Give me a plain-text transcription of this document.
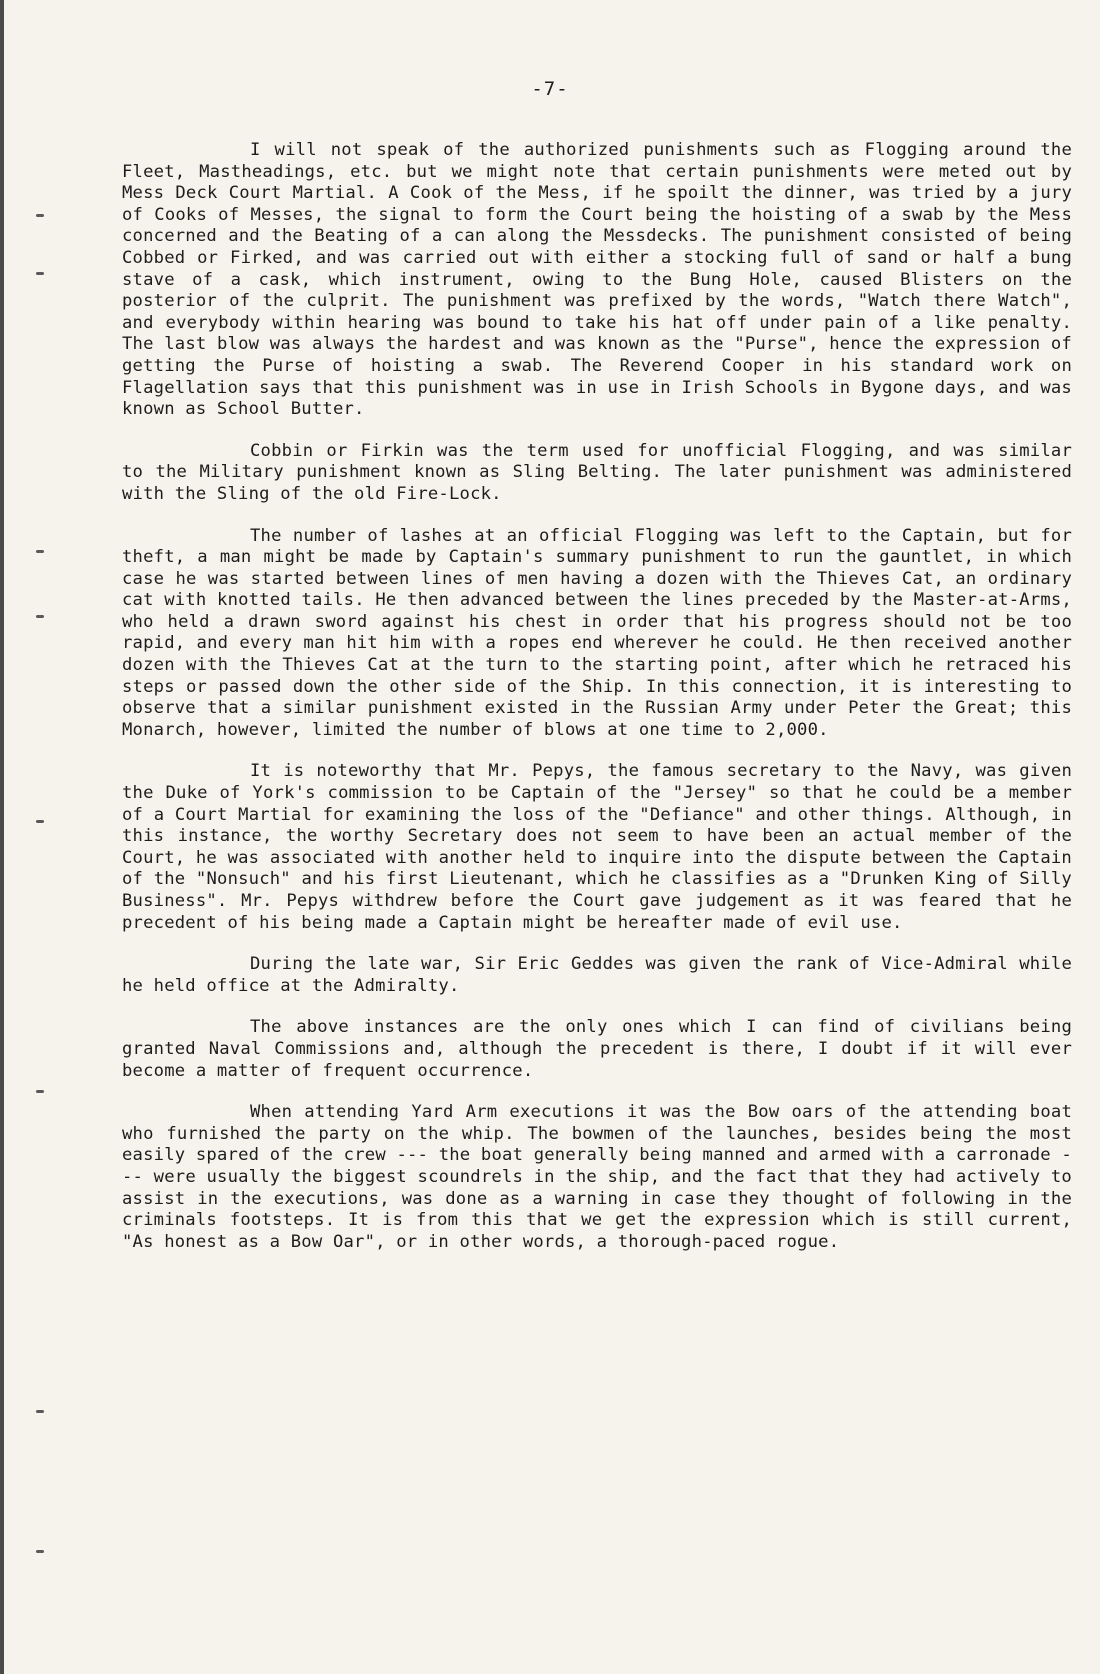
-7-

I will not speak of the authorized punishments such as Flogging around the Fleet, Mastheadings, etc. but we might note that certain punishments were meted out by Mess Deck Court Martial. A Cook of the Mess, if he spoilt the dinner, was tried by a jury of Cooks of Messes, the signal to form the Court being the hoisting of a swab by the Mess concerned and the Beating of a can along the Messdecks. The punishment consisted of being Cobbed or Firked, and was carried out with either a stocking full of sand or half a bung stave of a cask, which instrument, owing to the Bung Hole, caused Blisters on the posterior of the culprit. The punishment was prefixed by the words, "Watch there Watch", and everybody within hearing was bound to take his hat off under pain of a like penalty. The last blow was always the hardest and was known as the "Purse", hence the expression of getting the Purse of hoisting a swab. The Reverend Cooper in his standard work on Flagellation says that this punishment was in use in Irish Schools in Bygone days, and was known as School Butter.

Cobbin or Firkin was the term used for unofficial Flogging, and was similar to the Military punishment known as Sling Belting. The later punishment was administered with the Sling of the old Fire-Lock.

The number of lashes at an official Flogging was left to the Captain, but for theft, a man might be made by Captain's summary punishment to run the gauntlet, in which case he was started between lines of men having a dozen with the Thieves Cat, an ordinary cat with knotted tails. He then advanced between the lines preceded by the Master-at-Arms, who held a drawn sword against his chest in order that his progress should not be too rapid, and every man hit him with a ropes end wherever he could. He then received another dozen with the Thieves Cat at the turn to the starting point, after which he retraced his steps or passed down the other side of the Ship. In this connection, it is interesting to observe that a similar punishment existed in the Russian Army under Peter the Great; this Monarch, however, limited the number of blows at one time to 2,000.

It is noteworthy that Mr. Pepys, the famous secretary to the Navy, was given the Duke of York's commission to be Captain of the "Jersey" so that he could be a member of a Court Martial for examining the loss of the "Defiance" and other things. Although, in this instance, the worthy Secretary does not seem to have been an actual member of the Court, he was associated with another held to inquire into the dispute between the Captain of the "Nonsuch" and his first Lieutenant, which he classifies as a "Drunken King of Silly Business". Mr. Pepys withdrew before the Court gave judgement as it was feared that he precedent of his being made a Captain might be hereafter made of evil use.

During the late war, Sir Eric Geddes was given the rank of Vice-Admiral while he held office at the Admiralty.

The above instances are the only ones which I can find of civilians being granted Naval Commissions and, although the precedent is there, I doubt if it will ever become a matter of frequent occurrence.

When attending Yard Arm executions it was the Bow oars of the attending boat who furnished the party on the whip. The bowmen of the launches, besides being the most easily spared of the crew --- the boat generally being manned and armed with a carronade --- were usually the biggest scoundrels in the ship, and the fact that they had actively to assist in the executions, was done as a warning in case they thought of following in the criminals footsteps. It is from this that we get the expression which is still current, "As honest as a Bow Oar", or in other words, a thorough-paced rogue.
